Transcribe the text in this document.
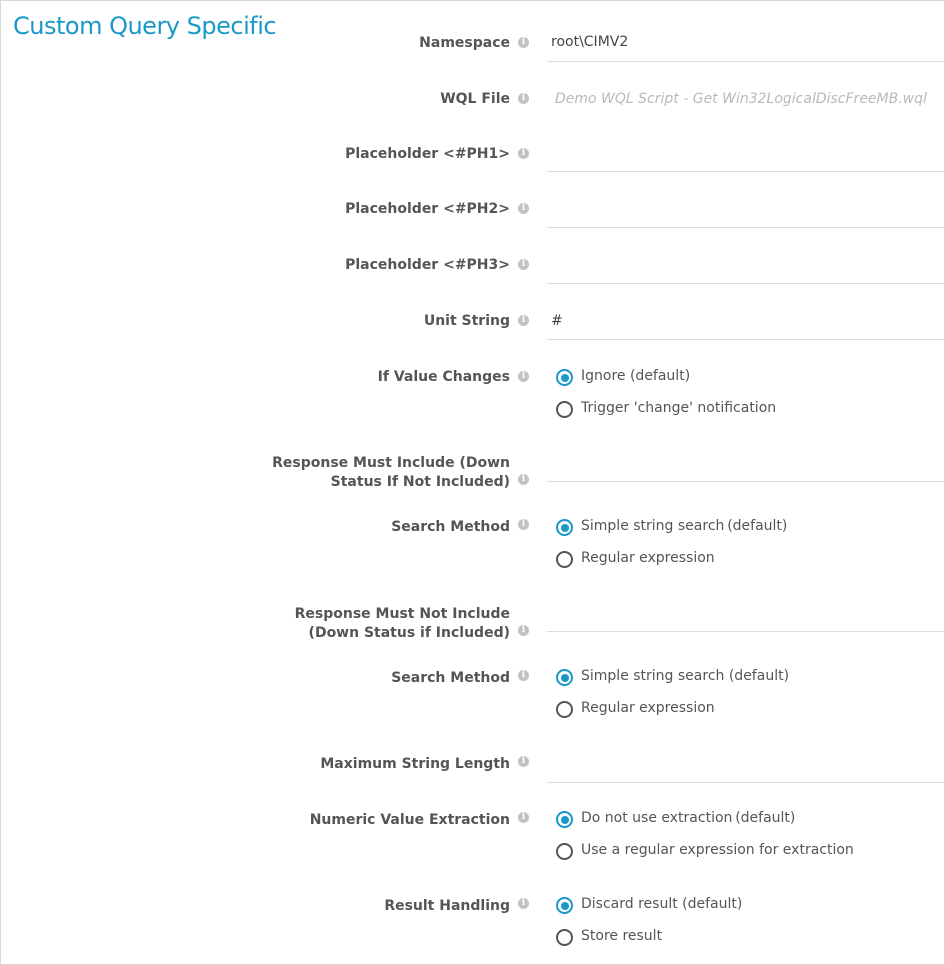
Custom Query Specific
Namespace	i root\CIMV2
WQL File	i Demo WQL Script - Get Win32LogicalDiscFreeMB.wql
Placeholder <#PH1>	i
Placeholder <#PH2>	i
Placeholder <#PH3>	i
Unit String	i #
If Value Changes	i	Ignore (default)
Trigger 'change' notification
Response Must Include (Down
Status If Not Included)	i
Search Method	i	Simple string search (default)
Regular expression
Response Must Not Include
(Down Status if Included)	i
Search Method	i	Simple string search (default)
Regular expression
Maximum String Length	i
Numeric Value Extraction	i	Do not use extraction (default)
Use a regular expression for extraction
Result Handling	i	Discard result (default)
Store result
